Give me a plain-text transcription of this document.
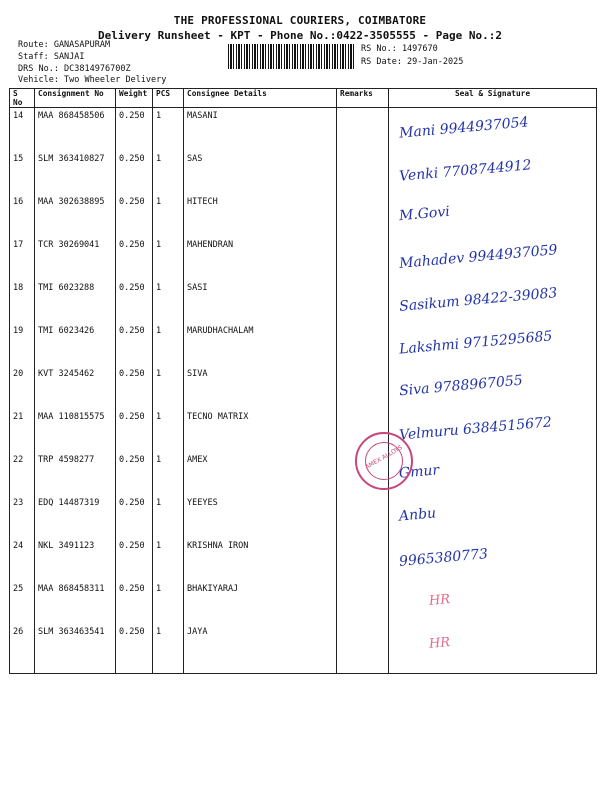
THE PROFESSIONAL COURIERS, COIMBATORE
Delivery Runsheet - KPT - Phone No.:0422-3505555 - Page No.:2
Route: GANASAPURAM
Staff: SANJAI
DRS No.: DC3814976700Z
Vehicle: Two Wheeler Delivery
RS No.: 1497670
RS Date: 29-Jan-2025
S No	Consignment No	Weight	PCS	Consignee Details	Remarks	Seal & Signature
14	MAA 868458506	0.250	1	MASANI		Mani 9944937054

15	SLM 363410827	0.250	1	SAS		Venki 7708744912

16	MAA 302638895	0.250	1	HITECH		M.Govi

17	TCR 30269041	0.250	1	MAHENDRAN		Mahadev 9944937059

18	TMI 6023288	0.250	1	SASI		Sasikum 98422-39083

19	TMI 6023426	0.250	1	MARUDHACHALAM		Lakshmi 9715295685

20	KVT 3245462	0.250	1	SIVA		Siva 9788967055

21	MAA 110815575	0.250	1	TECNO MATRIX		Velmuru 6384515672

22	TRP 4598277	0.250	1	AMEX		Gmur

23	EDQ 14487319	0.250	1	YEEYES		Anbu

24	NKL 3491123	0.250	1	KRISHNA IRON		9965380773

25	MAA 868458311	0.250	1	BHAKIYARAJ		HR

26	SLM 363463541	0.250	1	JAYA		HR
AMEX ALLOYS
